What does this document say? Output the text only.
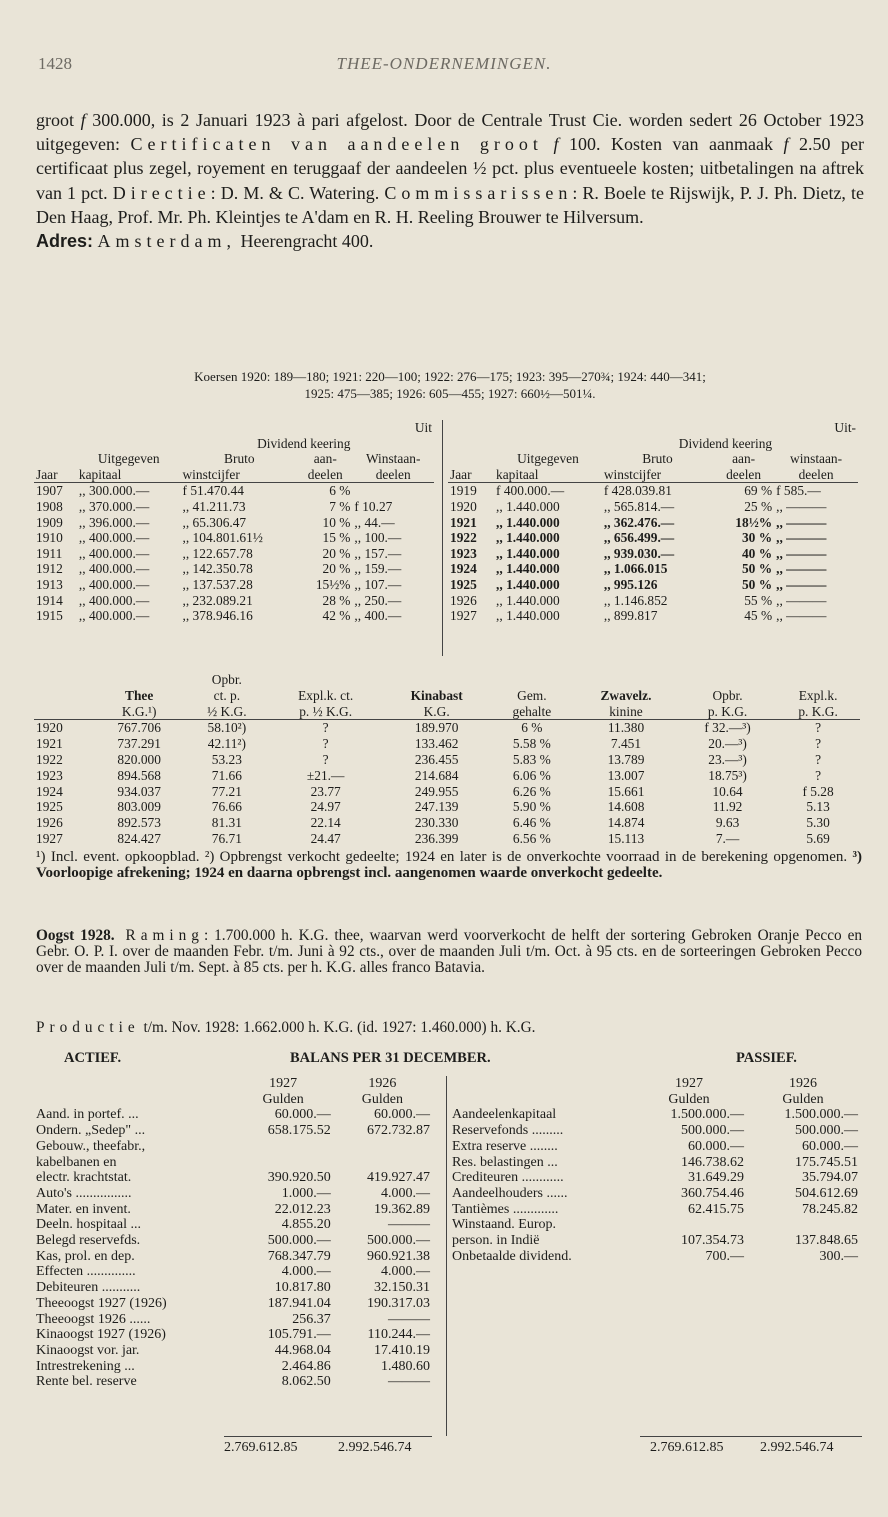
1428	THEE-ONDERNEMINGEN.
groot f 300.000, is 2 Januari 1923 à pari afgelost. Door de Centrale Trust Cie. worden sedert 26 October 1923 uitgegeven: Certificaten van aandeelen groot f 100. Kosten van aanmaak f 2.50 per certificaat plus zegel, royement en teruggaaf der aandeelen ½ pct. plus eventueele kosten; uitbetalingen na aftrek van 1 pct. Directie: D. M. & C. Watering. Commissarissen: R. Boele te Rijswijk, P. J. Ph. Dietz, te Den Haag, Prof. Mr. Ph. Kleintjes te A'dam en R. H. Reeling Brouwer te Hilversum.
Adres: Amsterdam, Heerengracht 400.
Koersen 1920: 189—180; 1921: 220—100; 1922: 276—175; 1923: 395—270¾; 1924: 440—341;
1925: 475—385; 1926: 605—455; 1927: 660½—501¼.
			Uit	
		Dividend keering		
	Uitgegeven	Bruto	aan-	Winstaan-
Jaar	kapitaal	winstcijfer	deelen	deelen
1907	,, 300.000.—	f 51.470.44	6 %	
1908	,, 370.000.—	,, 41.211.73	7 %	f 10.27
1909	,, 396.000.—	,, 65.306.47	10 %	,, 44.—
1910	,, 400.000.—	,, 104.801.61½	15 %	,, 100.—
1911	,, 400.000.—	,, 122.657.78	20 %	,, 157.—
1912	,, 400.000.—	,, 142.350.78	20 %	,, 159.—
1913	,, 400.000.—	,, 137.537.28	15½%	,, 107.—
1914	,, 400.000.—	,, 232.089.21	28 %	,, 250.—
1915	,, 400.000.—	,, 378.946.16	42 %	,, 400.—
			Uit-	
		Dividend keering		
	Uitgegeven	Bruto	aan-	winstaan-
Jaar	kapitaal	winstcijfer	deelen	deelen
1919	f 400.000.—	f 428.039.81	69 %	f 585.—
1920	,, 1.440.000	,, 565.814.—	25 %	,, ———
1921	,, 1.440.000	,, 362.476.—	18½%	,, ———
1922	,, 1.440.000	,, 656.499.—	30 %	,, ———
1923	,, 1.440.000	,, 939.030.—	40 %	,, ———
1924	,, 1.440.000	,, 1.066.015	50 %	,, ———
1925	,, 1.440.000	,, 995.126	50 %	,, ———
1926	,, 1.440.000	,, 1.146.852	55 %	,, ———
1927	,, 1.440.000	,, 899.817	45 %	,, ———
		Opbr.						
	Thee	ct. p.	Expl.k. ct.	Kinabast	Gem.	Zwavelz.	Opbr.	Expl.k.
	K.G.¹)	½ K.G.	p. ½ K.G.	K.G.	gehalte	kinine	p. K.G.	p. K.G.
1920	767.706	58.10²)	?	189.970	6 %	11.380	f 32.—³)	?
1921	737.291	42.11²)	?	133.462	5.58 %	7.451	20.—³)	?
1922	820.000	53.23	?	236.455	5.83 %	13.789	23.—³)	?
1923	894.568	71.66	±21.—	214.684	6.06 %	13.007	18.75³)	?
1924	934.037	77.21	23.77	249.955	6.26 %	15.661	10.64	f 5.28
1925	803.009	76.66	24.97	247.139	5.90 %	14.608	11.92	5.13
1926	892.573	81.31	22.14	230.330	6.46 %	14.874	9.63	5.30
1927	824.427	76.71	24.47	236.399	6.56 %	15.113	7.—	5.69
¹) Incl. event. opkoopblad. ²) Opbrengst verkocht gedeelte; 1924 en later is de onverkochte voorraad in de berekening opgenomen. ³) Voorloopige afrekening; 1924 en daarna opbrengst incl. aangenomen waarde onverkocht gedeelte.
Oogst 1928. Raming: 1.700.000 h. K.G. thee, waarvan werd voorverkocht de helft der sortering Gebroken Oranje Pecco en Gebr. O. P. I. over de maanden Febr. t/m. Juni à 92 cts., over de maanden Juli t/m. Oct. à 95 cts. en de sorteeringen Gebroken Pecco over de maanden Juli t/m. Sept. à 85 cts. per h. K.G. alles franco Batavia.
Productie t/m. Nov. 1928: 1.662.000 h. K.G. (id. 1927: 1.460.000) h. K.G.
ACTIEF.	BALANS PER 31 DECEMBER.	PASSIEF.
	1927	1926
	Gulden	Gulden
Aand. in portef. ...	60.000.—	60.000.—
Ondern. „Sedep" ...	658.175.52	672.732.87
Gebouw., theefabr.,		
kabelbanen en		
electr. krachtstat.	390.920.50	419.927.47
Auto's ................	1.000.—	4.000.—
Mater. en invent.	22.012.23	19.362.89
Deeln. hospitaal ...	4.855.20	———
Belegd reservefds.	500.000.—	500.000.—
Kas, prol. en dep.	768.347.79	960.921.38
Effecten ..............	4.000.—	4.000.—
Debiteuren ...........	10.817.80	32.150.31
Theeoogst 1927 (1926)	187.941.04	190.317.03
Theeoogst 1926 ......	256.37	———
Kinaoogst 1927 (1926)	105.791.—	110.244.—
Kinaoogst vor. jar.	44.968.04	17.410.19
Intrestrekening ...	2.464.86	1.480.60
Rente bel. reserve	8.062.50	———
	1927	1926
	Gulden	Gulden
Aandeelenkapitaal	1.500.000.—	1.500.000.—
Reservefonds .........	500.000.—	500.000.—
Extra reserve ........	60.000.—	60.000.—
Res. belastingen ...	146.738.62	175.745.51
Crediteuren ............	31.649.29	35.794.07
Aandeelhouders ......	360.754.46	504.612.69
Tantièmes .............	62.415.75	78.245.82
Winstaand. Europ.		
person. in Indië	107.354.73	137.848.65
Onbetaalde dividend.	700.—	300.—
2.769.612.85	2.992.546.74	2.769.612.85	2.992.546.74
